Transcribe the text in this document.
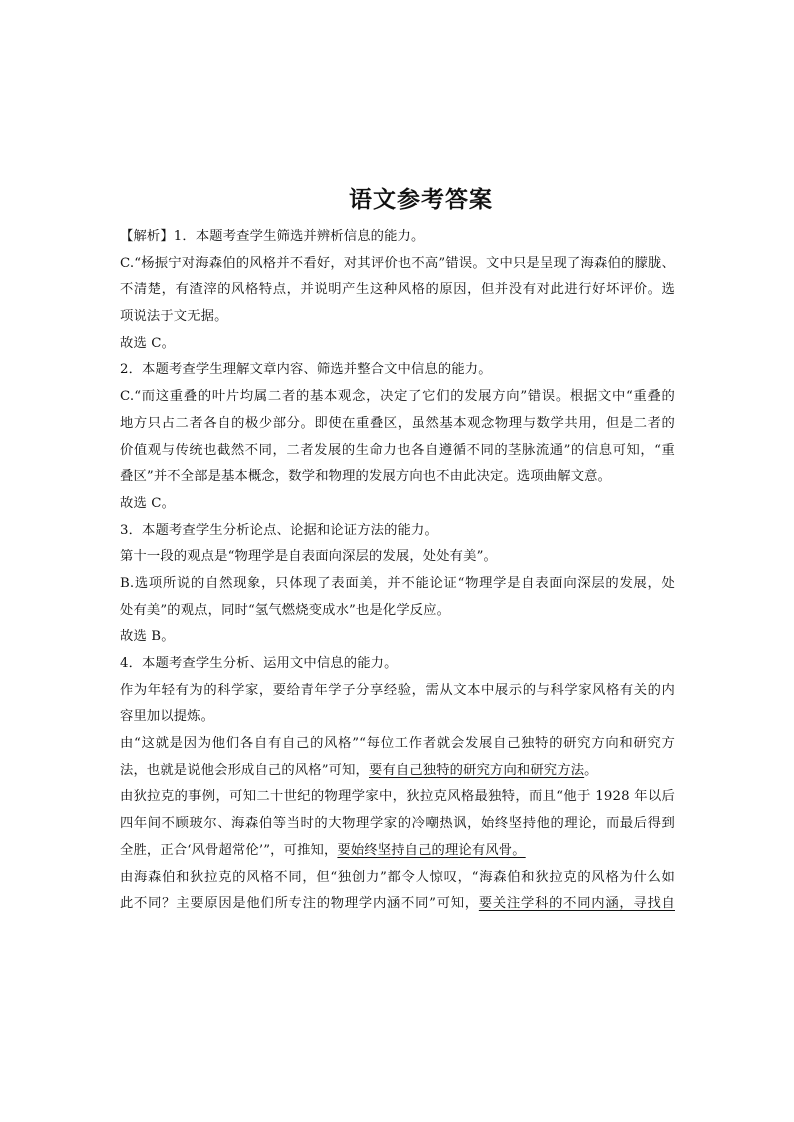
语文参考答案
【解析】1．本题考查学生筛选并辨析信息的能力。
C.“杨振宁对海森伯的风格并不看好，对其评价也不高”错误。文中只是呈现了海森伯的朦胧、
不清楚，有渣滓的风格特点，并说明产生这种风格的原因，但并没有对此进行好坏评价。选
项说法于文无据。
故选 C。
2．本题考查学生理解文章内容、筛选并整合文中信息的能力。
C.“而这重叠的叶片均属二者的基本观念，决定了它们的发展方向”错误。根据文中“重叠的
地方只占二者各自的极少部分。即使在重叠区，虽然基本观念物理与数学共用，但是二者的
价值观与传统也截然不同，二者发展的生命力也各自遵循不同的茎脉流通”的信息可知，“重
叠区”并不全部是基本概念，数学和物理的发展方向也不由此决定。选项曲解文意。
故选 C。
3．本题考查学生分析论点、论据和论证方法的能力。
第十一段的观点是“物理学是自表面向深层的发展，处处有美”。
B.选项所说的自然现象，只体现了表面美，并不能论证“物理学是自表面向深层的发展，处
处有美”的观点，同时“氢气燃烧变成水”也是化学反应。
故选 B。
4．本题考查学生分析、运用文中信息的能力。
作为年轻有为的科学家，要给青年学子分享经验，需从文本中展示的与科学家风格有关的内
容里加以提炼。
由“这就是因为他们各自有自己的风格”“每位工作者就会发展自己独特的研究方向和研究方
法，也就是说他会形成自己的风格”可知，要有自己独特的研究方向和研究方法。
由狄拉克的事例，可知二十世纪的物理学家中，狄拉克风格最独特，而且“他于 1928 年以后
四年间不顾玻尔、海森伯等当时的大物理学家的冷嘲热讽，始终坚持他的理论，而最后得到
全胜，正合‘风骨超常伦’”，可推知，要始终坚持自己的理论有风骨。
由海森伯和狄拉克的风格不同，但“独创力”都令人惊叹，“海森伯和狄拉克的风格为什么如
此不同？主要原因是他们所专注的物理学内涵不同”可知，要关注学科的不同内涵，寻找自
